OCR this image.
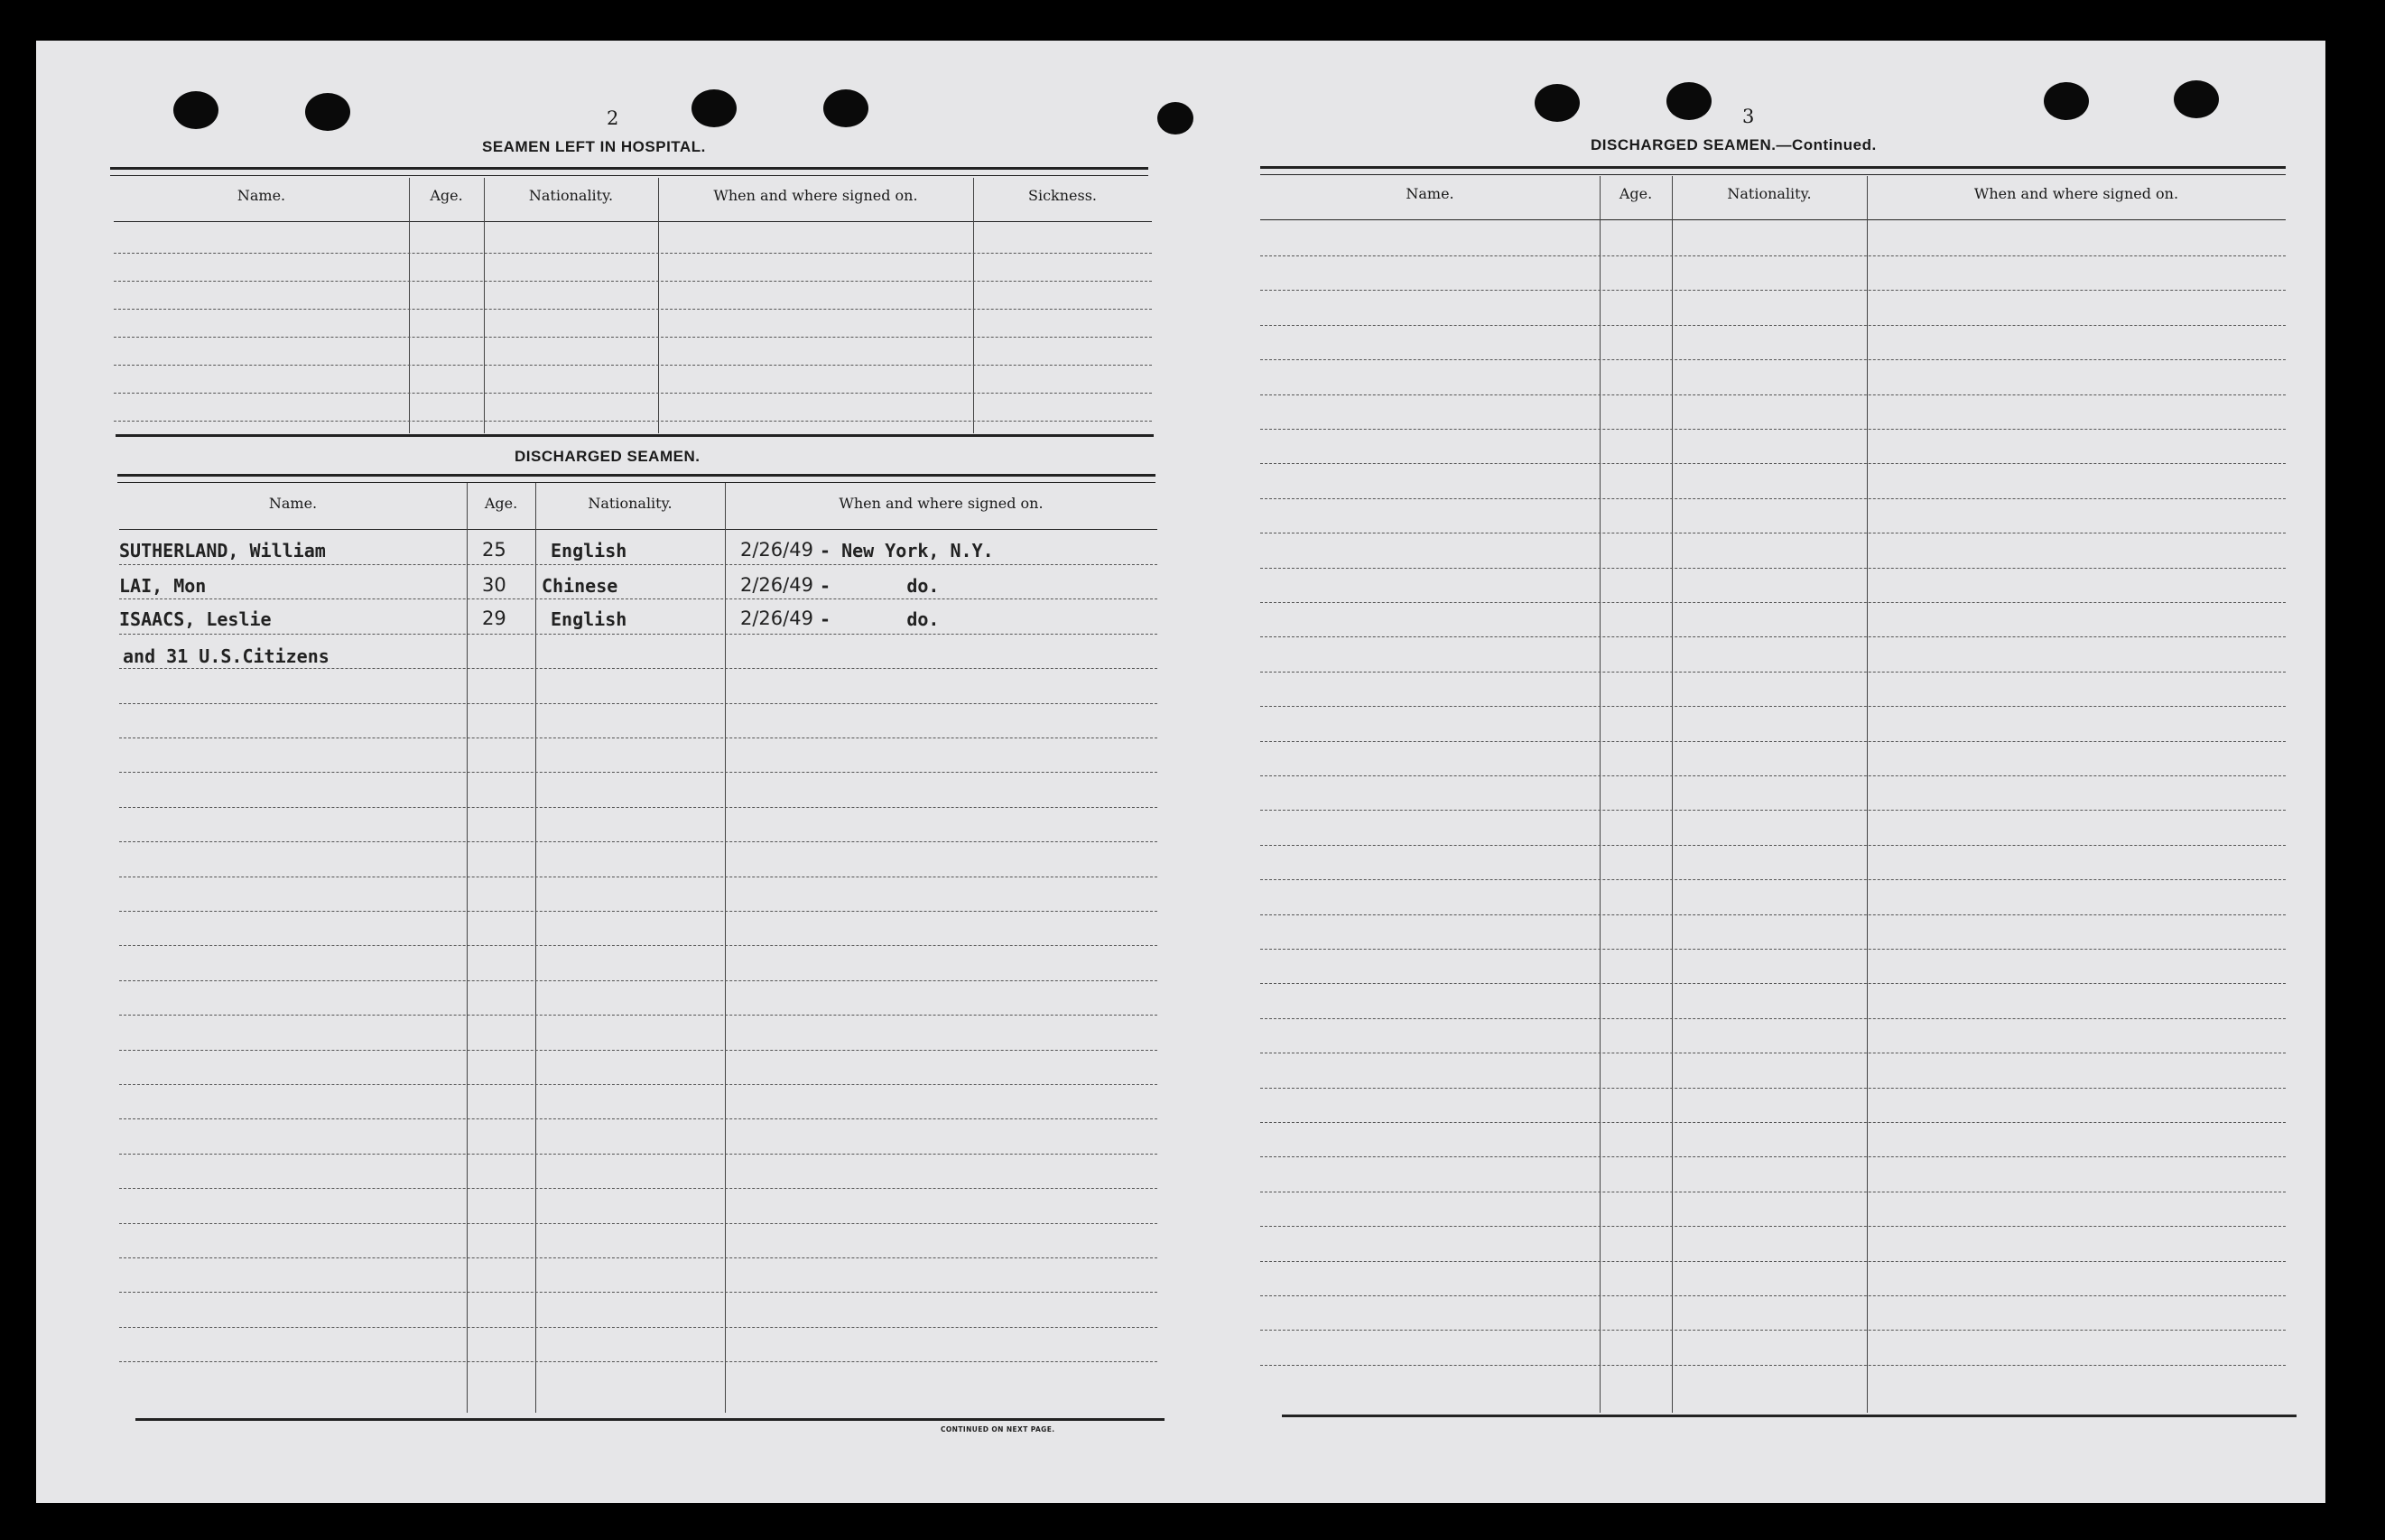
2
SEAMEN LEFT IN HOSPITAL.
Name.	Age.	Nationality.	When and where signed on.	Sickness.
DISCHARGED SEAMEN.
Name.	Age.	Nationality.	When and where signed on.
SUTHERLAND, William	25 English	2/26/49 - New York, N.Y.
LAI, Mon	30 Chinese	2/26/49 -       do.
ISAACS, Leslie	29 English	2/26/49 -       do.
and 31 U.S.Citizens
CONTINUED ON NEXT PAGE.
3
DISCHARGED SEAMEN.—Continued.
Name.	Age.	Nationality.	When and where signed on.
